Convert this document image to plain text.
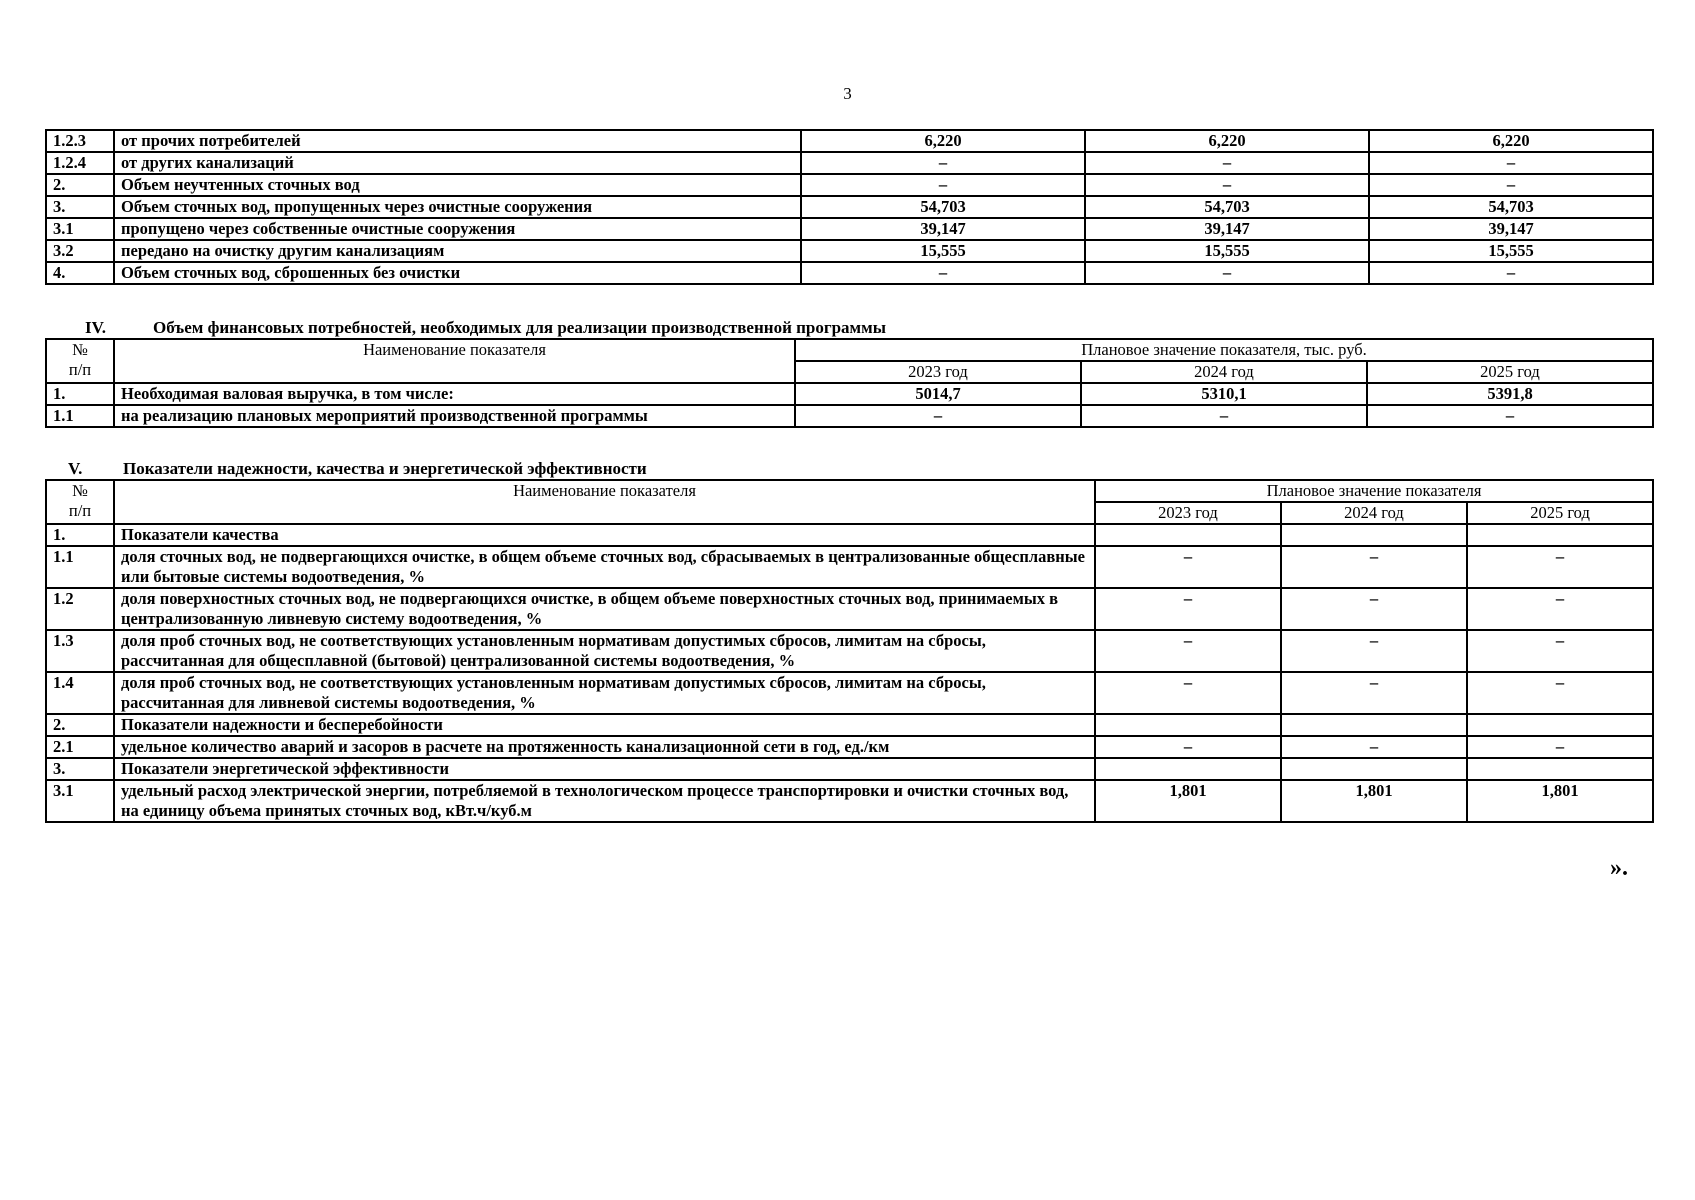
3
1.2.3	от прочих потребителей	6,220	6,220	6,220
1.2.4	от других канализаций	–	–	–
2.	Объем неучтенных сточных вод	–	–	–
3.	Объем сточных вод, пропущенных через очистные сооружения	54,703	54,703	54,703
3.1	пропущено через собственные очистные сооружения	39,147	39,147	39,147
3.2	передано на очистку другим канализациям	15,555	15,555	15,555
4.	Объем сточных вод, сброшенных без очистки	–	–	–
IV.	Объем финансовых потребностей, необходимых для реализации производственной программы
№
п/п	Наименование показателя	Плановое значение показателя, тыс. руб.		
		2023 год	2024 год	2025 год
1.	Необходимая валовая выручка, в том числе:	5014,7	5310,1	5391,8
1.1	на реализацию плановых мероприятий производственной программы	–	–	–
V. Показатели надежности, качества и энергетической эффективности
№
п/п	Наименование показателя	Плановое значение показателя		
		2023 год	2024 год	2025 год
1.	Показатели качества			
1.1	доля сточных вод, не подвергающихся очистке, в общем объеме сточных вод, сбрасываемых в централизованные общесплавные или бытовые системы водоотведения, %	–	–	–
1.2	доля поверхностных сточных вод, не подвергающихся очистке, в общем объеме поверхностных сточных вод, принимаемых в централизованную ливневую систему водоотведения, %	–	–	–
1.3	доля проб сточных вод, не соответствующих установленным нормативам допустимых сбросов, лимитам на сбросы, рассчитанная для общесплавной (бытовой) централизованной системы водоотведения, %	–	–	–
1.4	доля проб сточных вод, не соответствующих установленным нормативам допустимых сбросов, лимитам на сбросы, рассчитанная для ливневой системы водоотведения, %	–	–	–
2.	Показатели надежности и бесперебойности			
2.1	удельное количество аварий и засоров в расчете на протяженность канализационной сети в год, ед./км	–	–	–
3.	Показатели энергетической эффективности			
3.1	удельный расход электрической энергии, потребляемой в технологическом процессе транспортировки и очистки сточных вод, на единицу объема принятых сточных вод, кВт.ч/куб.м	1,801	1,801	1,801
».
